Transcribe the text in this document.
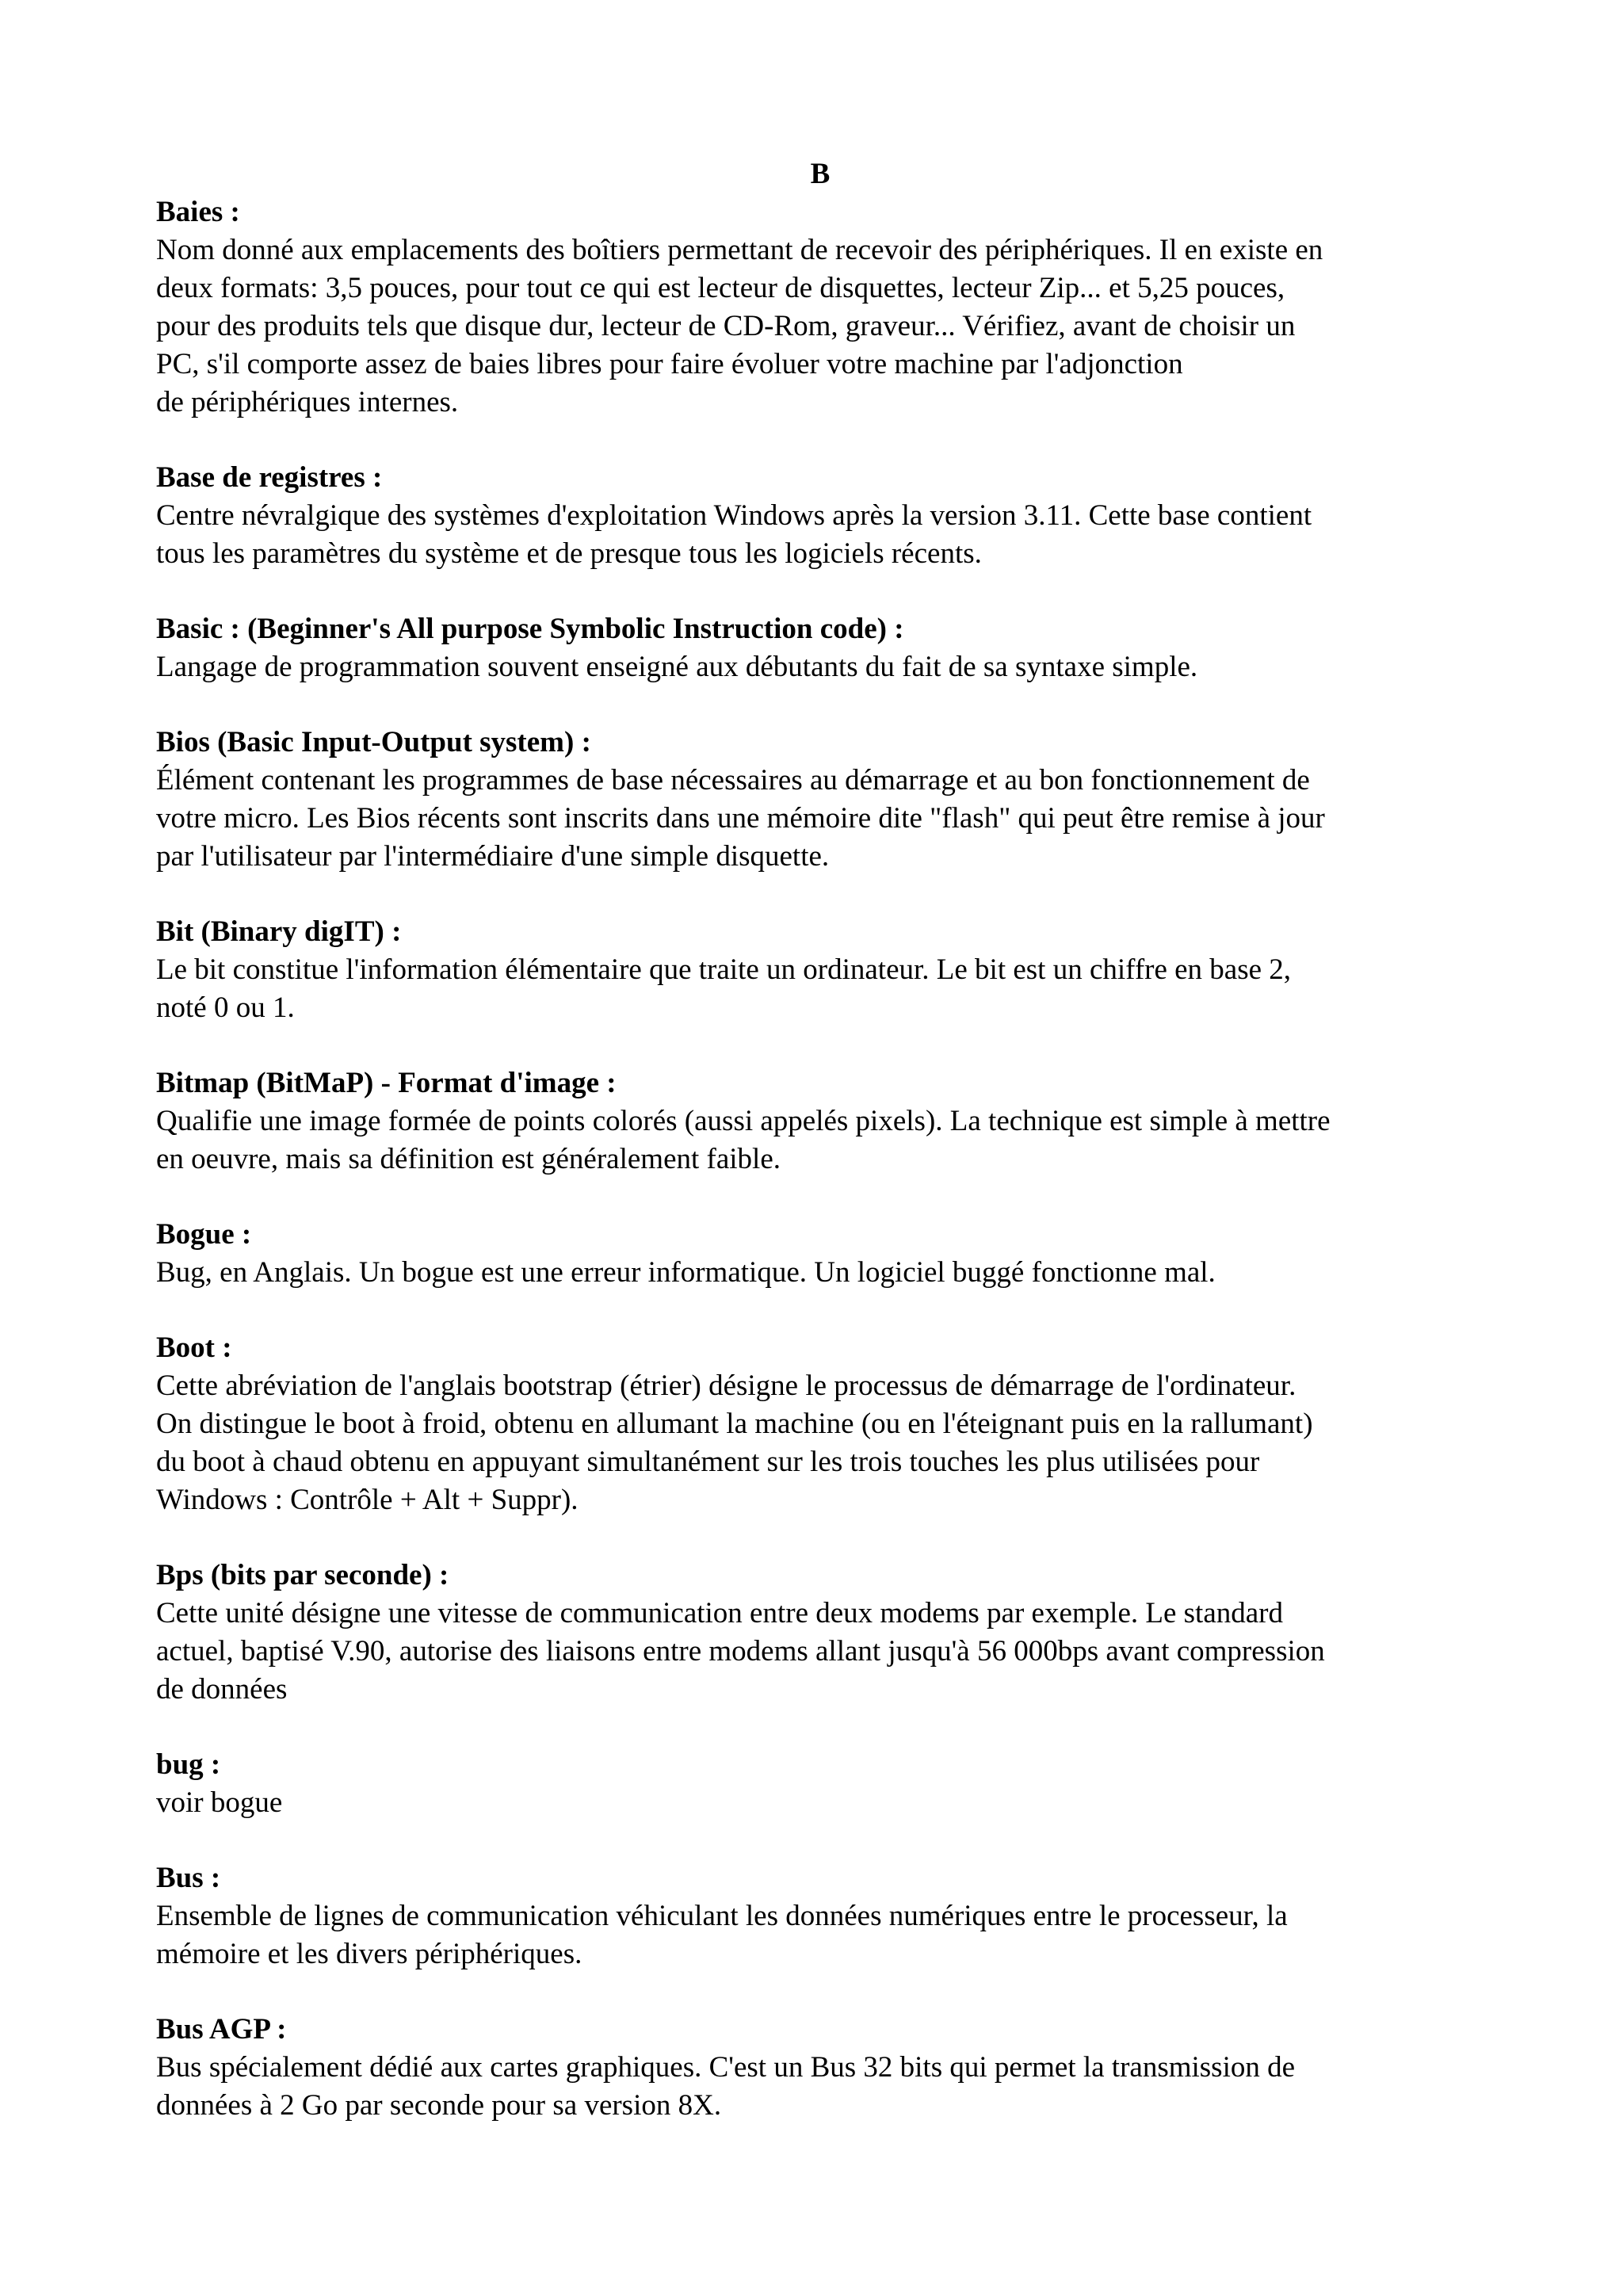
B
Baies :
Nom donné aux emplacements des boîtiers permettant de recevoir des périphériques. Il en existe en
deux formats: 3,5 pouces, pour tout ce qui est lecteur de disquettes, lecteur Zip... et 5,25 pouces,
pour des produits tels que disque dur, lecteur de CD-Rom, graveur... Vérifiez, avant de choisir un
PC, s'il comporte assez de baies libres pour faire évoluer votre machine par l'adjonction
de périphériques internes.
Base de registres :
Centre névralgique des systèmes d'exploitation Windows après la version 3.11. Cette base contient
tous les paramètres du système et de presque tous les logiciels récents.
Basic : (Beginner's All purpose Symbolic Instruction code) :
Langage de programmation souvent enseigné aux débutants du fait de sa syntaxe simple.
Bios (Basic Input-Output system) :
Élément contenant les programmes de base nécessaires au démarrage et au bon fonctionnement de
votre micro. Les Bios récents sont inscrits dans une mémoire dite "flash" qui peut être remise à jour
par l'utilisateur par l'intermédiaire d'une simple disquette.
Bit (Binary digIT) :
Le bit constitue l'information élémentaire que traite un ordinateur. Le bit est un chiffre en base 2,
noté 0 ou 1.
Bitmap (BitMaP) - Format d'image :
Qualifie une image formée de points colorés (aussi appelés pixels). La technique est simple à mettre
en oeuvre, mais sa définition est généralement faible.
Bogue :
Bug, en Anglais. Un bogue est une erreur informatique. Un logiciel buggé fonctionne mal.
Boot :
Cette abréviation de l'anglais bootstrap (étrier) désigne le processus de démarrage de l'ordinateur.
On distingue le boot à froid, obtenu en allumant la machine (ou en l'éteignant puis en la rallumant)
du boot à chaud obtenu en appuyant simultanément sur les trois touches les plus utilisées pour
Windows : Contrôle + Alt + Suppr).
Bps (bits par seconde) :
Cette unité désigne une vitesse de communication entre deux modems par exemple. Le standard
actuel, baptisé V.90, autorise des liaisons entre modems allant jusqu'à 56 000bps avant compression
de données
bug :
voir bogue
Bus :
Ensemble de lignes de communication véhiculant les données numériques entre le processeur, la
mémoire et les divers périphériques.
Bus AGP :
Bus spécialement dédié aux cartes graphiques. C'est un Bus 32 bits qui permet la transmission de
données à 2 Go par seconde pour sa version 8X.
